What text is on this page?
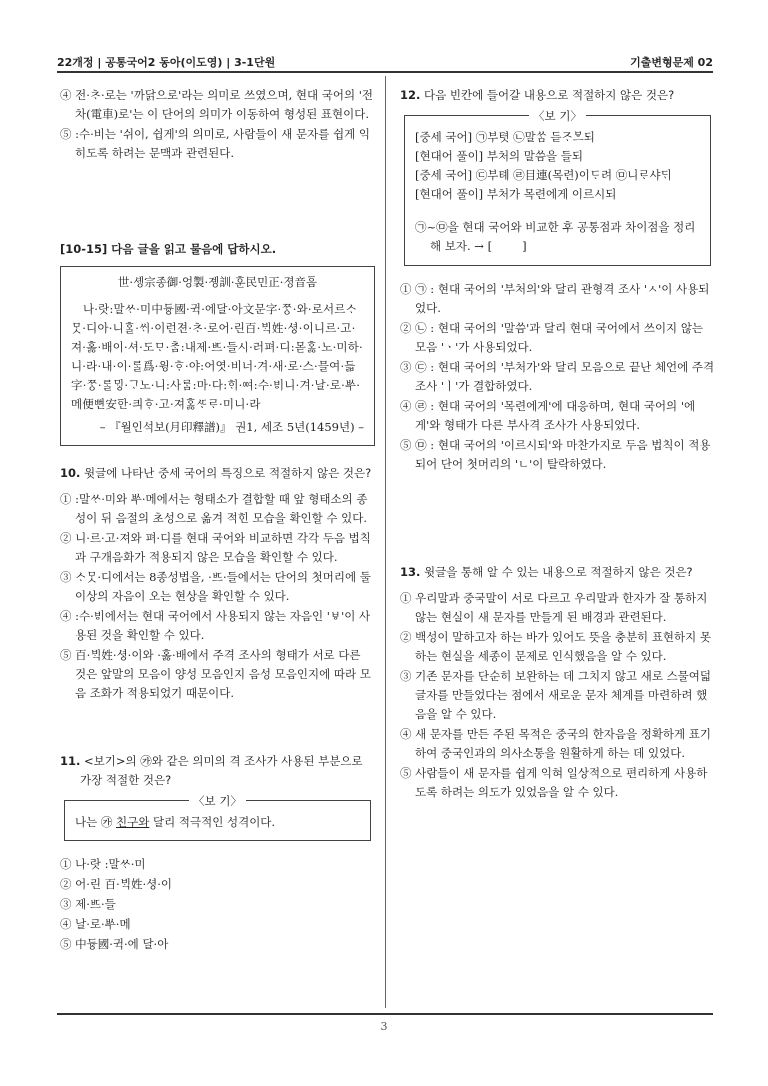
22개정 | 공통국어2 동아(이도영) | 3-1단원	기출변형문제 02
④ 전·ᄎᆞ·로는 '까닭으로'라는 의미로 쓰였으며, 현대 국어의 '전차(電車)로'는 이 단어의 의미가 이동하여 형성된 표현이다.
⑤ :수·비는 '쉬이, 쉽게'의 의미로, 사람들이 새 문자를 쉽게 익히도록 하려는 문맥과 관련된다.
[10-15] 다음 글을 읽고 물음에 답하시오.
世·솅宗종御·엉製·졩訓·훈民민正·졍音ᅙᅳᆷ
나·랏:말ᄊᆞ·미中듀ᇰ國·귁·에달·아文문字·ᄍᆞᆼ·와·로서르ᄉᆞᄆᆞᆺ·디아·니ᄒᆞᆯ·ᄊᆡ·이런젼·ᄎᆞ·로어·린百·ᄇᆡᆨ姓·셔ᇰ·이니르·고·져·호ᇙ·배이·셔·도ᄆᆞ·ᄎᆞᆷ:내제·ᄠᅳ·들시·러펴·디:몯ᄒᆞᇙ·노·미하·니·라·내·이·ᄅᆞᆯ爲·윙·ᄒᆞ·야:어엿·비너·겨·새·로·스·믈여·듧字·ᄍᆞᆼ·ᄅᆞᆯᄆᆡᇰ·ᄀᆞ노·니:사ᄅᆞᆷ:마·다:ᄒᆡ·ᅇᅧ:수·ᄫᅵ니·겨·날·로·ᄡᅮ·메便뼌安ᅙᅡᆫ·킈ᄒᆞ·고·져ᄒᆞᇙᄯᆞᄅᆞ·미니·라
– 『월인석보(月印釋譜)』 권1, 세조 5년(1459년) –
10. 윗글에 나타난 중세 국어의 특징으로 적절하지 않은 것은?
① :말ᄊᆞ·미와 ᄡᅮ·메에서는 형태소가 결합할 때 앞 형태소의 종성이 뒤 음절의 초성으로 옮겨 적힌 모습을 확인할 수 있다.
② 니·르·고·져와 펴·디를 현대 국어와 비교하면 각각 두음 법칙과 구개음화가 적용되지 않은 모습을 확인할 수 있다.
③ ᄉᆞᄆᆞᆺ·디에서는 8종성법을, ·ᄠᅳ·들에서는 단어의 첫머리에 둘 이상의 자음이 오는 현상을 확인할 수 있다.
④ :수·ᄫᅵ에서는 현대 국어에서 사용되지 않는 자음인 'ㅸ'이 사용된 것을 확인할 수 있다.
⑤ 百·ᄇᆡᆨ姓·셔ᇰ·이와 ·호ᇙ·배에서 주격 조사의 형태가 서로 다른 것은 앞말의 모음이 양성 모음인지 음성 모음인지에 따라 모음 조화가 적용되었기 때문이다.
11. <보기>의 ㉮와 같은 의미의 격 조사가 사용된 부분으로 가장 적절한 것은?
〈보 기〉
나는 ㉮ 친구와 달리 적극적인 성격이다.
① 나·랏 :말ᄊᆞ·미
② 어·린 百·ᄇᆡᆨ姓·셔ᇰ·이
③ 제·ᄠᅳ·들
④ 날·로·ᄡᅮ·메
⑤ 中듀ᇰ國·귁·에 달·아
12. 다음 빈칸에 들어갈 내용으로 적절하지 않은 것은?
〈보 기〉
[중세 국어] ㉠부텻 ㉡말ᄊᆞᆷ 듣ᄌᆞᄫᅳ되
[현대어 풀이] 부처의 말씀을 들되
[중세 국어] ㉢부톄 ㉣目連(목련)이ᄃᆞ려 ㉤니ᄅᆞ샤ᄃᆡ
[현대어 풀이] 부처가 목련에게 이르시되
㉠~㉤을 현대 국어와 비교한 후 공통점과 차이점을 정리해 보자. → [	]
① ㉠ : 현대 국어의 '부처의'와 달리 관형격 조사 'ㅅ'이 사용되었다.
② ㉡ : 현대 국어의 '말씀'과 달리 현대 국어에서 쓰이지 않는 모음 'ㆍ'가 사용되었다.
③ ㉢ : 현대 국어의 '부처가'와 달리 모음으로 끝난 체언에 주격 조사 'ㅣ'가 결합하였다.
④ ㉣ : 현대 국어의 '목련에게'에 대응하며, 현대 국어의 '에게'와 형태가 다른 부사격 조사가 사용되었다.
⑤ ㉤ : 현대 국어의 '이르시되'와 마찬가지로 두음 법칙이 적용되어 단어 첫머리의 'ㄴ'이 탈락하였다.
13. 윗글을 통해 알 수 있는 내용으로 적절하지 않은 것은?
① 우리말과 중국말이 서로 다르고 우리말과 한자가 잘 통하지 않는 현실이 새 문자를 만들게 된 배경과 관련된다.
② 백성이 말하고자 하는 바가 있어도 뜻을 충분히 표현하지 못하는 현실을 세종이 문제로 인식했음을 알 수 있다.
③ 기존 문자를 단순히 보완하는 데 그치지 않고 새로 스물여덟 글자를 만들었다는 점에서 새로운 문자 체계를 마련하려 했음을 알 수 있다.
④ 새 문자를 만든 주된 목적은 중국의 한자음을 정확하게 표기하여 중국인과의 의사소통을 원활하게 하는 데 있었다.
⑤ 사람들이 새 문자를 쉽게 익혀 일상적으로 편리하게 사용하도록 하려는 의도가 있었음을 알 수 있다.
3
